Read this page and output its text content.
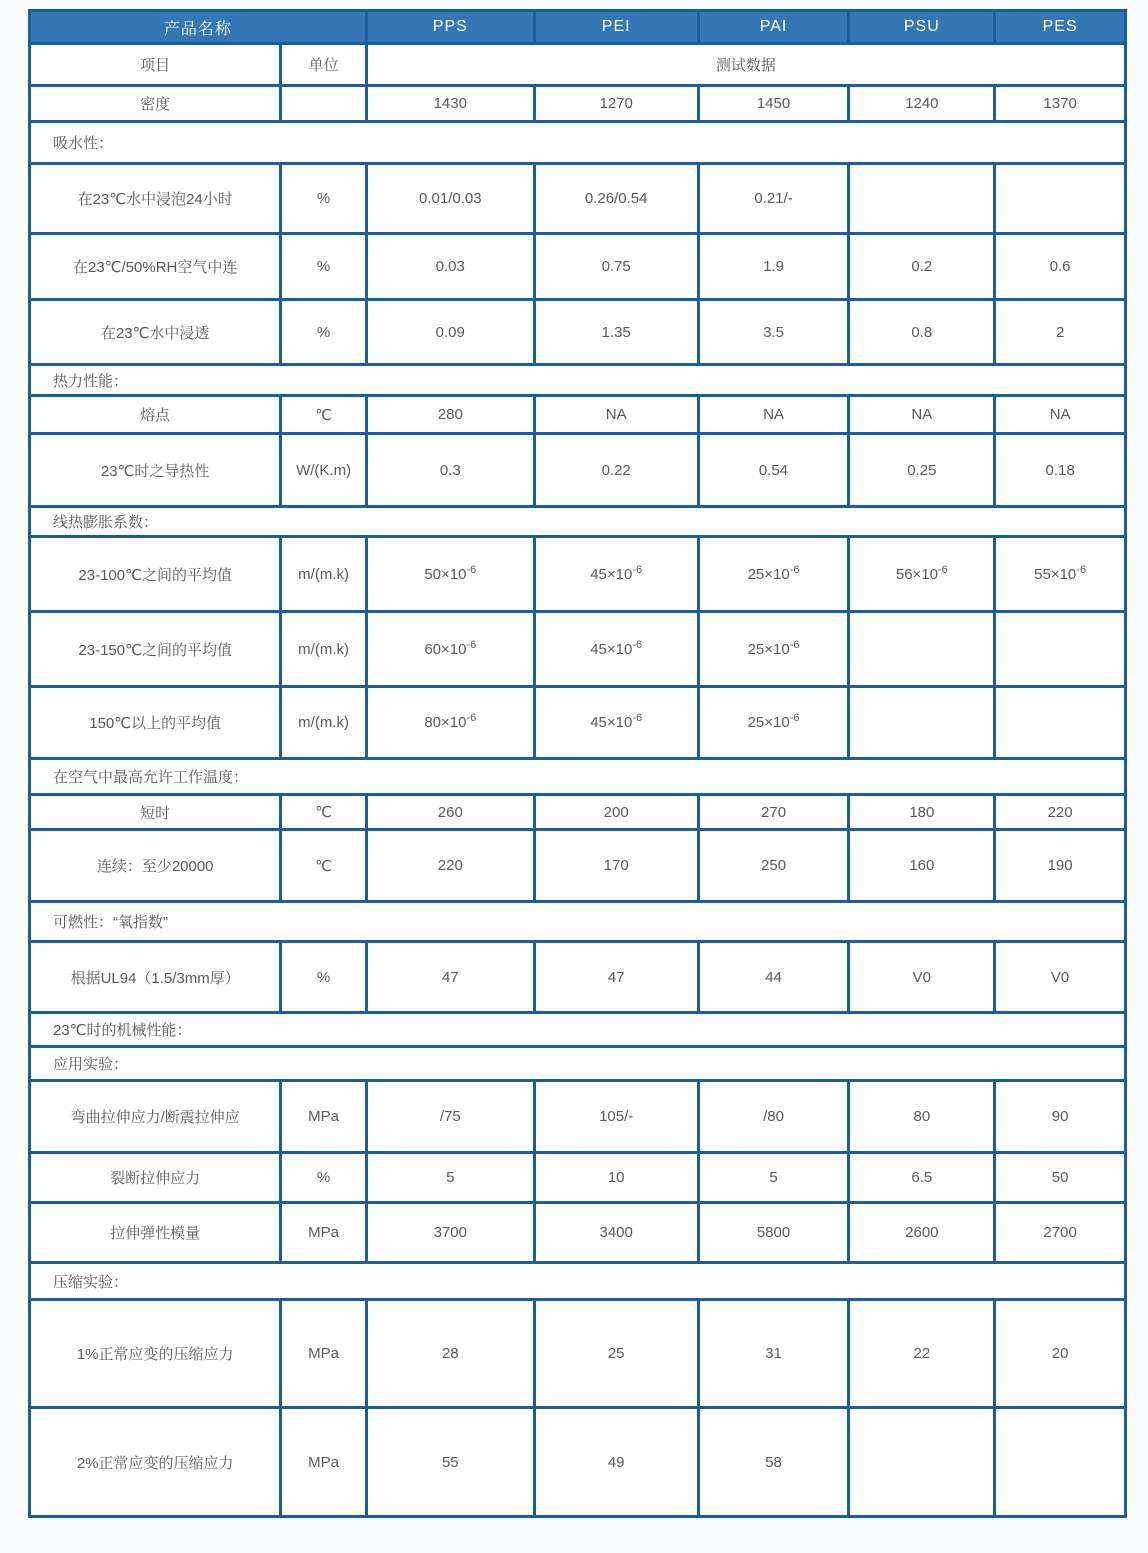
产品名称		PPS	PEI	PAI	PSU	PES
项目	单位	测试数据				
密度		1430	1270	1450	1240	1370
吸水性：						
在23℃水中浸泡24小时	%	0.01/0.03	0.26/0.54	0.21/-		
在23℃/50%RH空气中连	%	0.03	0.75	1.9	0.2	0.6
在23℃水中浸透	%	0.09	1.35	3.5	0.8	2
热力性能：						
熔点	℃	280	NA	NA	NA	NA
23℃时之导热性	W/(K.m)	0.3	0.22	0.54	0.25	0.18
线热膨胀系数：						
23-100℃之间的平均值	m/(m.k)	$50\times 10^{-6}$	$45\times 10^{-6}$	$25\times 10^{-6}$	$56\times 10^{-6}$	$55\times 10^{-6}$
23-150℃之间的平均值	m/(m.k)	$60\times 10^{-6}$	$45\times 10^{-6}$	$25\times 10^{-6}$		
150℃以上的平均值	m/(m.k)	$80\times 10^{-6}$	$45\times 10^{-6}$	$25\times 10^{-6}$		
在空气中最高允许工作温度：						
短时	℃	260	200	270	180	220
连续：至少20000	℃	220	170	250	160	190
可燃性：“氧指数”						
根据UL94（1.5/3mm厚）	%	47	47	44	V0	V0
23℃时的机械性能：						
应用实验：						
弯曲拉伸应力/断震拉伸应	MPa	/75	105/-	/80	80	90
裂断拉伸应力	%	5	10	5	6.5	50
拉伸弹性模量	MPa	3700	3400	5800	2600	2700
压缩实验：						
1%正常应变的压缩应力	MPa	28	25	31	22	20
2%正常应变的压缩应力	MPa	55	49	58		
